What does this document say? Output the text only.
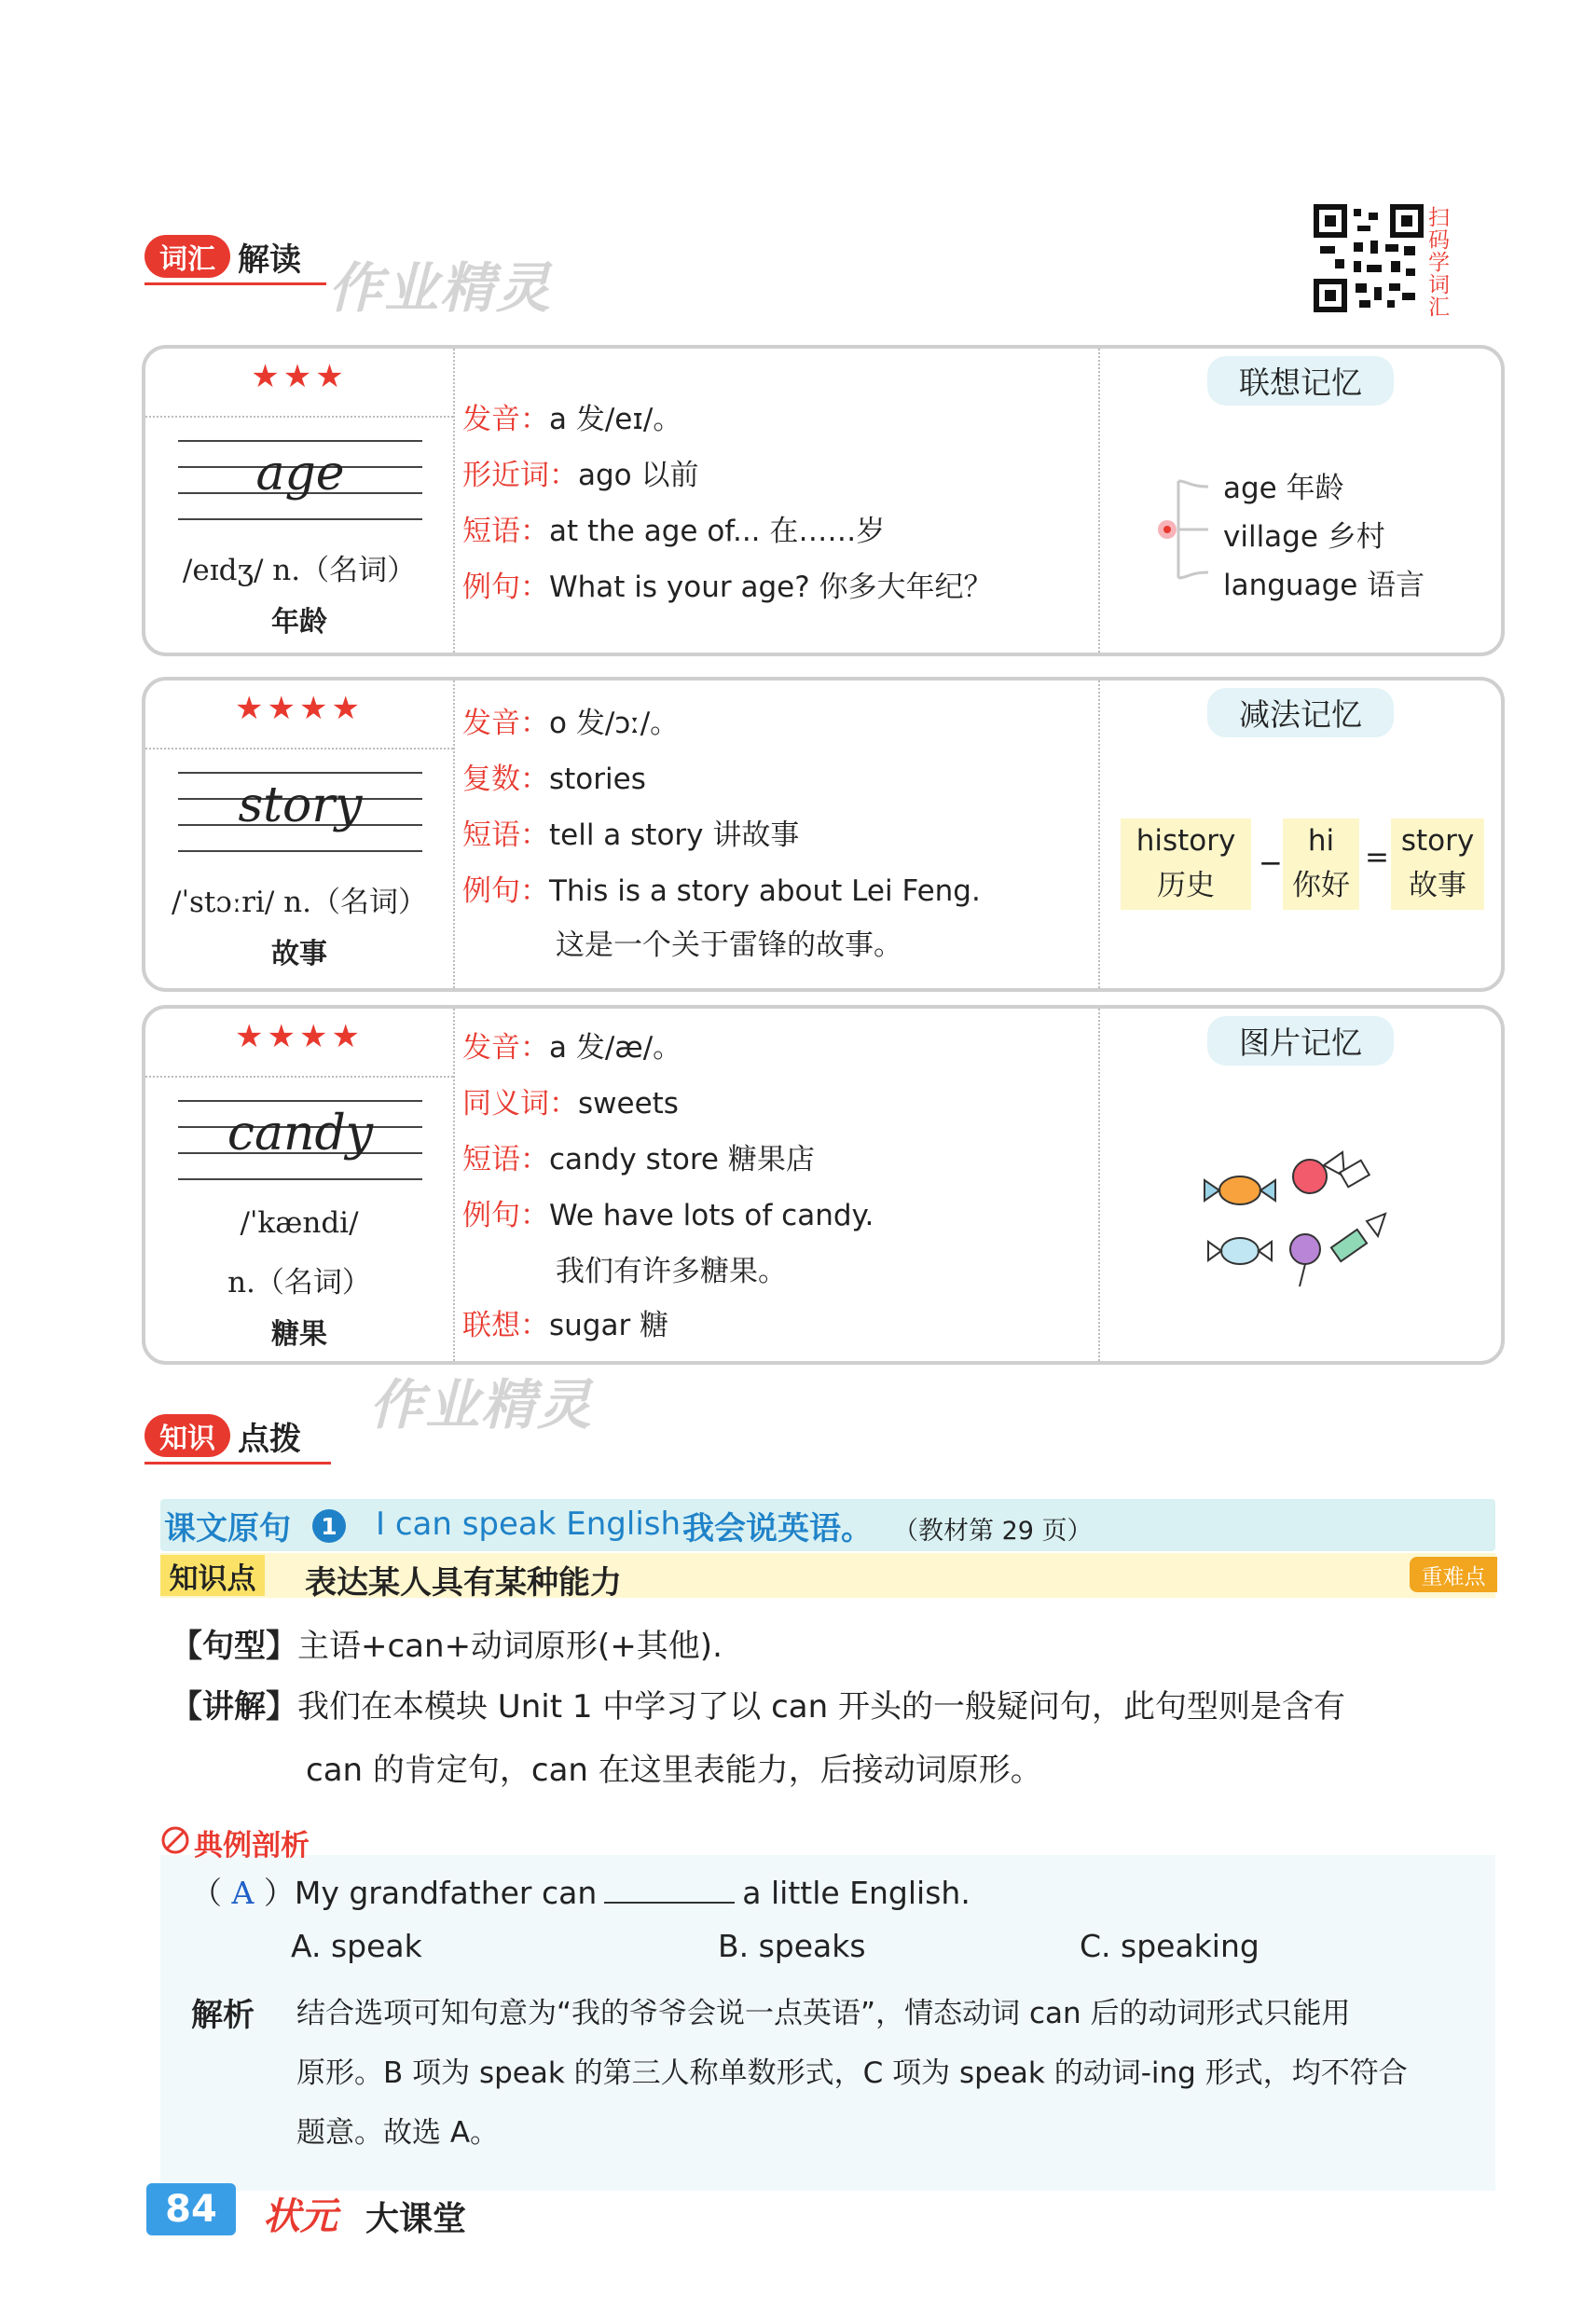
词汇 解读 作业精灵
扫码学词汇
★★★
age
/eɪdʒ/ n.（名词）
年龄
发音：a 发/eɪ/。
形近词：ago 以前
短语：at the age of... 在……岁
例句：What is your age? 你多大年纪？
联想记忆
age 年龄
village 乡村
language 语言
★★★★
story
/ˈstɔːri/ n.（名词）
故事
发音：o 发/ɔː/。
复数：stories
短语：tell a story 讲故事
例句：This is a story about Lei Feng.
这是一个关于雷锋的故事。
减法记忆
history
历史
−
hi
你好
= story
故事
★★★★
candy
/ˈkændi/
n.（名词）
糖果
发音：a 发/æ/。
同义词：sweets
短语：candy store 糖果店
例句：We have lots of candy.
我们有许多糖果。
联想：sugar 糖
图片记忆
作业精灵
知识 点拨
课文原句	1 I can speak English.
我会说英语。 （教材第 29 页）
知识点 表达某人具有某种能力	重难点
【句型】主语+can+动词原形(+其他).
【讲解】我们在本模块 Unit 1 中学习了以 can 开头的一般疑问句，此句型则是含有
can 的肯定句，can 在这里表能力，后接动词原形。
典例剖析
（ A ）My grandfather can	a little English.
A. speak	B. speaks	C. speaking
解析 结合选项可知句意为“我的爷爷会说一点英语”，情态动词 can 后的动词形式只能用
原形。B 项为 speak 的第三人称单数形式，C 项为 speak 的动词-ing 形式，均不符合
题意。故选 A。
84	状元 大课堂
